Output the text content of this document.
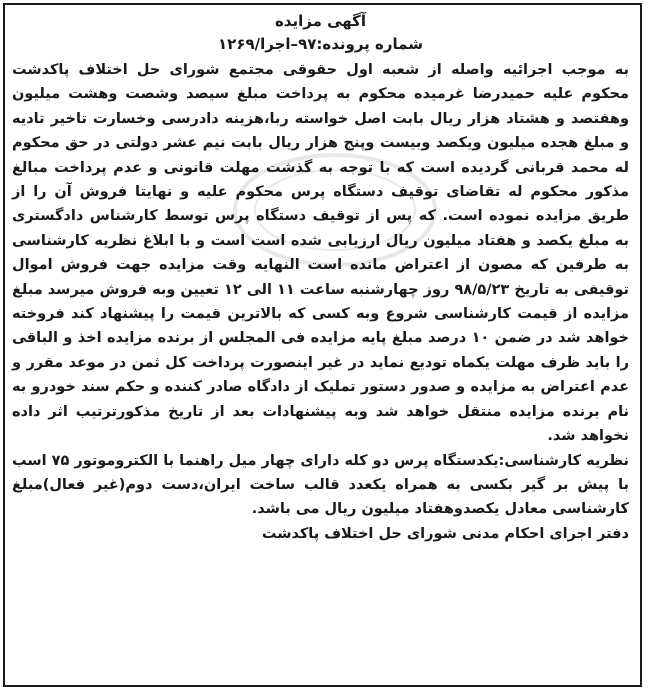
آگهی مزایده

شماره پرونده:۹۷–اجرا/۱۲۶۹

به موجب اجرائیه واصله از شعبه اول حقوقی مجتمع شورای حل اختلاف پاکدشت محکوم علیه حمیدرضا غرمیده محکوم به پرداخت مبلغ سیصد وشصت وهشت میلیون وهفتصد و هشتاد هزار ریال بابت اصل خواسته ربا،هزینه دادرسی وخسارت تاخیر تادیه و مبلغ هجده میلیون ویکصد وبیست وپنج هزار ریال بابت نیم عشر دولتی در حق محکوم له محمد قربانی گردیده است که با توجه به گذشت مهلت قانونی و عدم پرداخت مبالغ مذکور محکوم له تقاضای توقیف دستگاه پرس محکوم علیه و نهایتا فروش آن را از طریق مزایده نموده است. که پس از توقیف دستگاه پرس توسط کارشناس دادگستری به مبلغ یکصد و هفتاد میلیون ریال ارزیابی شده است است و با ابلاغ نظریه کارشناسی به طرفین که مصون از اعتراض مانده است النهایه وقت مزایده جهت فروش اموال توقیفی به تاریخ ۹۸/۵/۲۳ روز چهارشنبه ساعت ۱۱ الی ۱۲ تعیین وبه فروش میرسد مبلغ مزایده از قیمت کارشناسی شروع وبه کسی که بالاترین قیمت را پیشنهاد کند فروخته خواهد شد در ضمن ۱۰ درصد مبلغ پایه مزایده فی المجلس از برنده مزایده اخذ و الباقی را باید ظرف مهلت یکماه تودیع نماید در غیر اینصورت پرداخت کل ثمن در موعد مقرر و عدم اعتراض به مزایده و صدور دستور تملیک از دادگاه صادر کننده و حکم سند خودرو به نام برنده مزایده منتقل خواهد شد وبه پیشنهادات بعد از تاریخ مذکورترتیب اثر داده نخواهد شد.

نظریه کارشناسی:یکدستگاه پرس دو کله دارای چهار میل راهنما با الکتروموتور ۷۵ اسب با پیش بر گیر بکسی به همراه یکعدد قالب ساخت ایران،دست دوم(غیر فعال)مبلغ کارشناسی معادل یکصدوهفتاد میلیون ریال می باشد.

دفتر اجرای احکام مدنی شورای حل اختلاف پاکدشت
